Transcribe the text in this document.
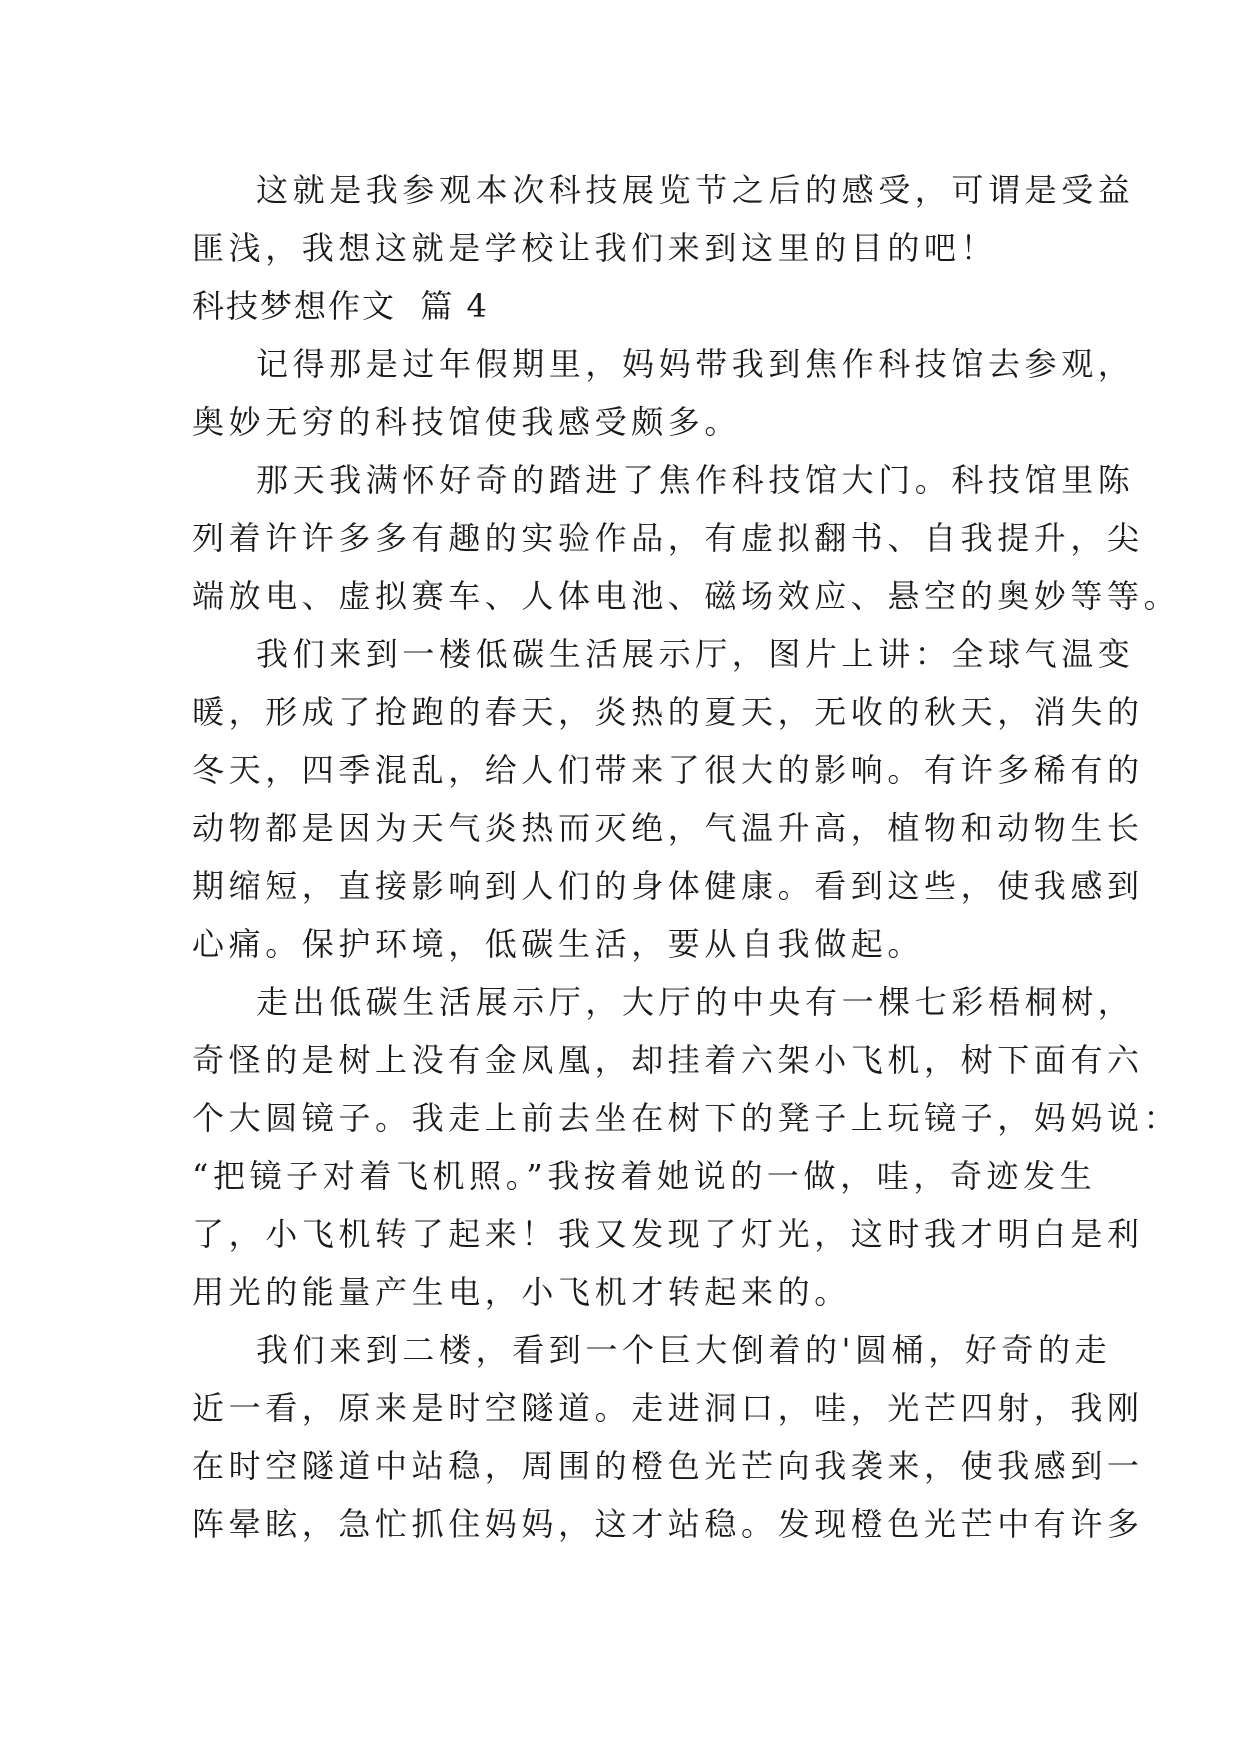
这就是我参观本次科技展览节之后的感受，可谓是受益
匪浅，我想这就是学校让我们来到这里的目的吧！
科技梦想作文  篇 4
记得那是过年假期里，妈妈带我到焦作科技馆去参观，
奥妙无穷的科技馆使我感受颇多。
那天我满怀好奇的踏进了焦作科技馆大门。科技馆里陈
列着许许多多有趣的实验作品，有虚拟翻书、自我提升，尖
端放电、虚拟赛车、人体电池、磁场效应、悬空的奥妙等等。
我们来到一楼低碳生活展示厅，图片上讲：全球气温变
暖，形成了抢跑的春天，炎热的夏天，无收的秋天，消失的
冬天，四季混乱，给人们带来了很大的影响。有许多稀有的
动物都是因为天气炎热而灭绝，气温升高，植物和动物生长
期缩短，直接影响到人们的身体健康。看到这些，使我感到
心痛。保护环境，低碳生活，要从自我做起。
走出低碳生活展示厅，大厅的中央有一棵七彩梧桐树，
奇怪的是树上没有金凤凰，却挂着六架小飞机，树下面有六
个大圆镜子。我走上前去坐在树下的凳子上玩镜子，妈妈说：
“把镜子对着飞机照。”我按着她说的一做，哇，奇迹发生
了，小飞机转了起来！我又发现了灯光，这时我才明白是利
用光的能量产生电，小飞机才转起来的。
我们来到二楼，看到一个巨大倒着的'圆桶，好奇的走
近一看，原来是时空隧道。走进洞口，哇，光芒四射，我刚
在时空隧道中站稳，周围的橙色光芒向我袭来，使我感到一
阵晕眩，急忙抓住妈妈，这才站稳。发现橙色光芒中有许多
